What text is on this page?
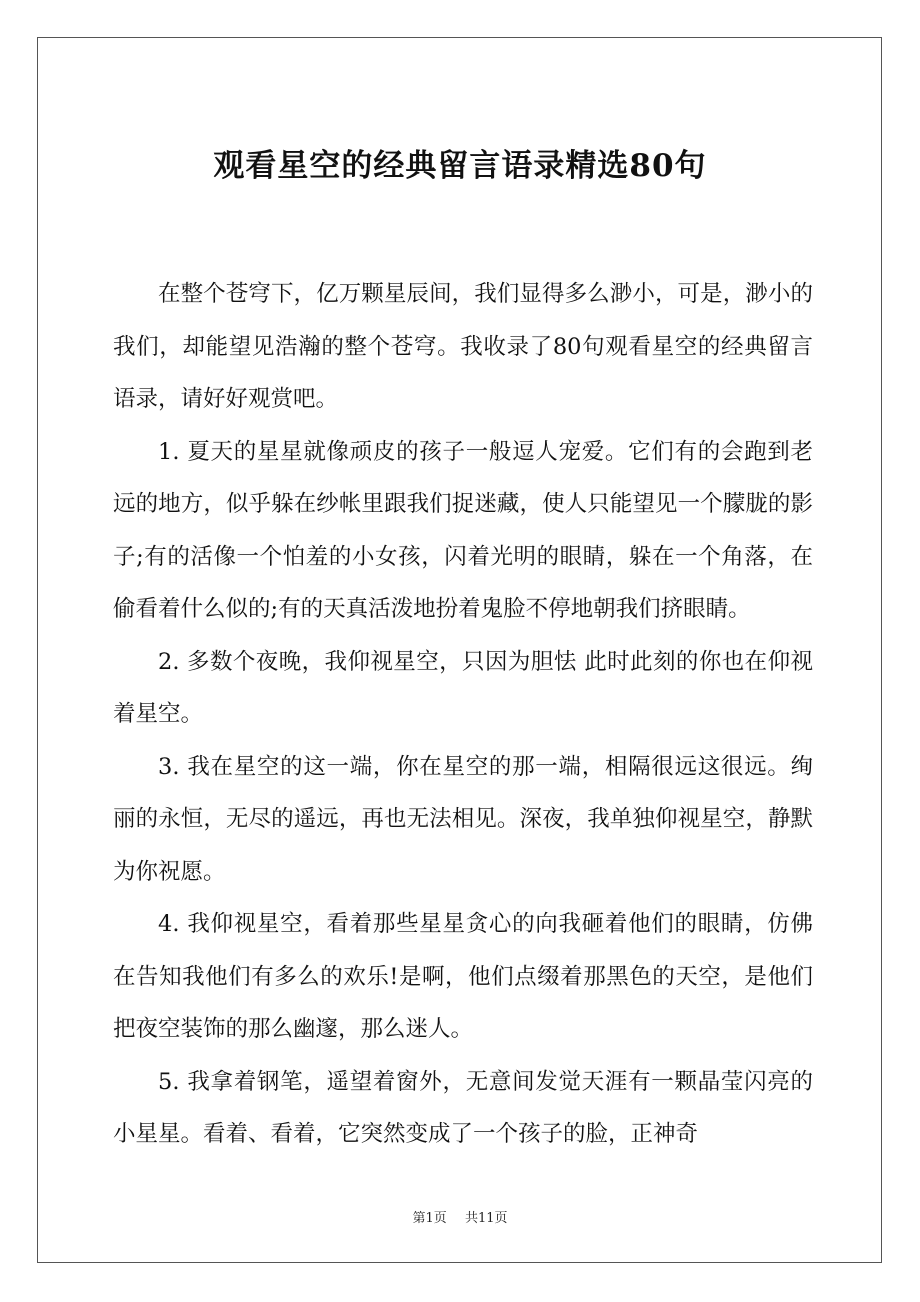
观看星空的经典留言语录精选80句

在整个苍穹下，亿万颗星辰间，我们显得多么渺小，可是，渺小的我们，却能望见浩瀚的整个苍穹。我收录了80句观看星空的经典留言语录，请好好观赏吧。

1. 夏天的星星就像顽皮的孩子一般逗人宠爱。它们有的会跑到老远的地方，似乎躲在纱帐里跟我们捉迷藏，使人只能望见一个朦胧的影子;有的活像一个怕羞的小女孩，闪着光明的眼睛，躲在一个角落，在偷看着什么似的;有的天真活泼地扮着鬼脸不停地朝我们挤眼睛。

2. 多数个夜晚，我仰视星空，只因为胆怯 此时此刻的你也在仰视着星空。

3. 我在星空的这一端，你在星空的那一端，相隔很远这很远。绚丽的永恒，无尽的遥远，再也无法相见。深夜，我单独仰视星空，静默为你祝愿。

4. 我仰视星空，看着那些星星贪心的向我砸着他们的眼睛，仿佛在告知我他们有多么的欢乐!是啊，他们点缀着那黑色的天空，是他们把夜空装饰的那么幽邃，那么迷人。

5. 我拿着钢笔，遥望着窗外，无意间发觉天涯有一颗晶莹闪亮的小星星。看着、看着，它突然变成了一个孩子的脸，正神奇

第1页 共11页
